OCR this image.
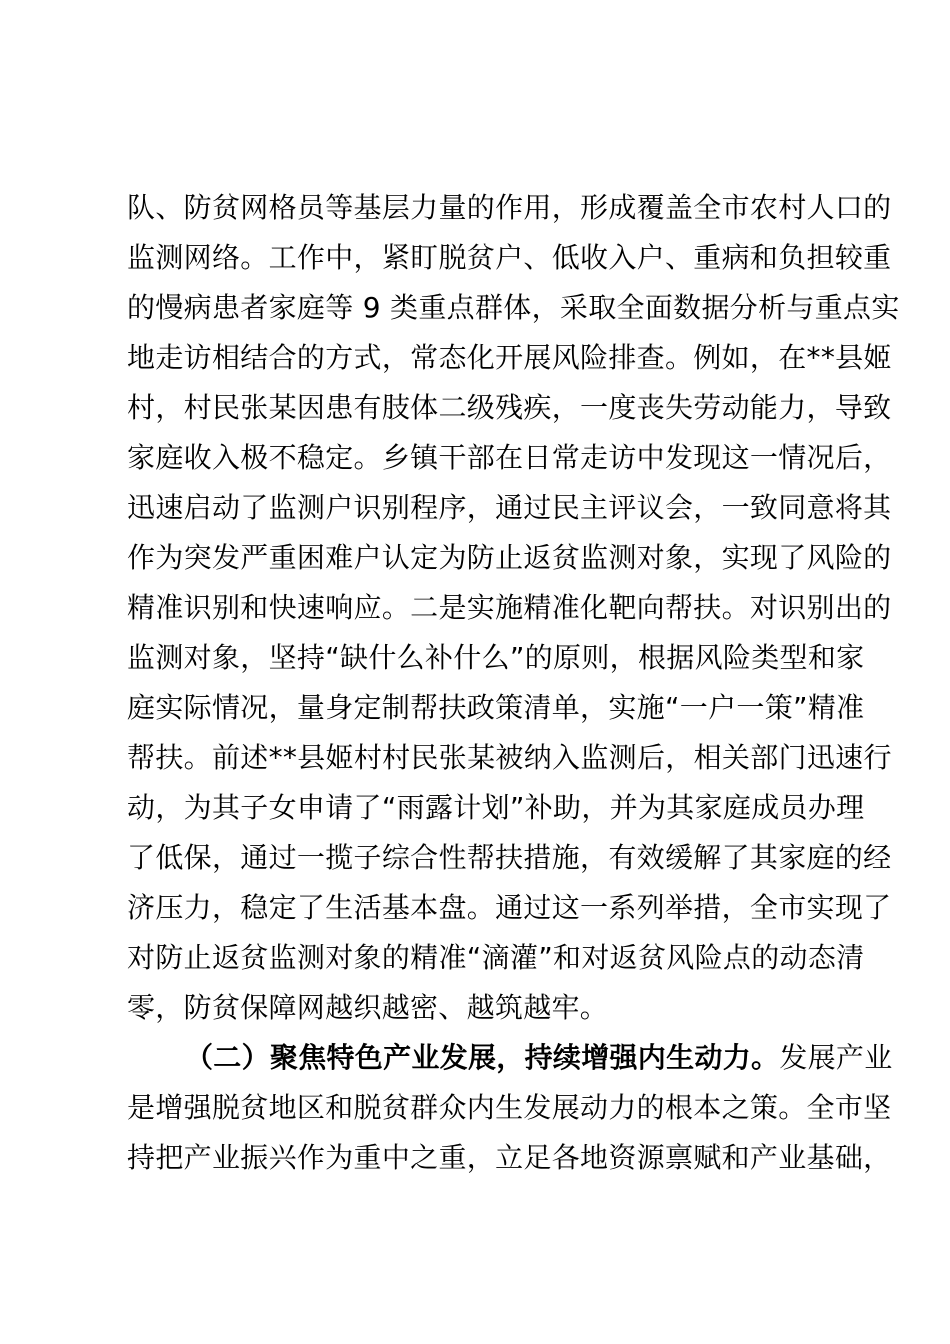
队 、 防 贫 网 格 员 等 基 层 力 量 的 作 用 ， 形 成 覆 盖 全 市 农 村 人 口 的
监 测 网 络 。 工 作 中 ， 紧 盯 脱 贫 户 、 低 收 入 户 、 重 病 和 负 担 较 重
的 慢 病 患 者 家 庭 等
9
类 重 点 群 体 ， 采 取 全 面 数 据 分 析 与 重 点 实
地 走 访 相 结 合 的 方 式 ， 常 态 化 开 展 风 险 排 查 。 例 如 ， 在 * * 县 姬
村 ， 村 民 张 某 因 患 有 肢 体 二 级 残 疾 ， 一 度 丧 失 劳 动 能 力 ， 导 致
家 庭 收 入 极 不 稳 定 。 乡 镇 干 部 在 日 常 走 访 中 发 现 这 一 情 况 后 ，
迅 速 启 动 了 监 测 户 识 别 程 序 ， 通 过 民 主 评 议 会 ， 一 致 同 意 将 其
作 为 突 发 严 重 困 难 户 认 定 为 防 止 返 贫 监 测 对 象 ， 实 现 了 风 险 的
精 准 识 别 和 快 速 响 应 。 二 是 实 施 精 准 化 靶 向 帮 扶 。 对 识 别 出 的
监 测 对 象 ， 坚 持 “ 缺 什 么 补 什 么 ” 的 原 则 ， 根 据 风 险 类 型 和 家
庭 实 际 情 况 ， 量 身 定 制 帮 扶 政 策 清 单 ， 实 施 “ 一 户 一 策 ” 精 准
帮 扶 。 前 述 * * 县 姬 村 村 民 张 某 被 纳 入 监 测 后 ， 相 关 部 门 迅 速 行
动 ， 为 其 子 女 申 请 了 “ 雨 露 计 划 ” 补 助 ， 并 为 其 家 庭 成 员 办 理
了 低 保 ， 通 过 一 揽 子 综 合 性 帮 扶 措 施 ， 有 效 缓 解 了 其 家 庭 的 经
济 压 力 ， 稳 定 了 生 活 基 本 盘 。 通 过 这 一 系 列 举 措 ， 全 市 实 现 了
对 防 止 返 贫 监 测 对 象 的 精 准 “ 滴 灌 ” 和 对 返 贫 风 险 点 的 动 态 清
零，防贫保障网越织越密、越筑越牢。
（二）聚焦特色产业发展，持续增强内生动力。 发展产业
是 增 强 脱 贫 地 区 和 脱 贫 群 众 内 生 发 展 动 力 的 根 本 之 策 。 全 市 坚
持 把 产 业 振 兴 作 为 重 中 之 重 ， 立 足 各 地 资 源 禀 赋 和 产 业 基 础 ，
